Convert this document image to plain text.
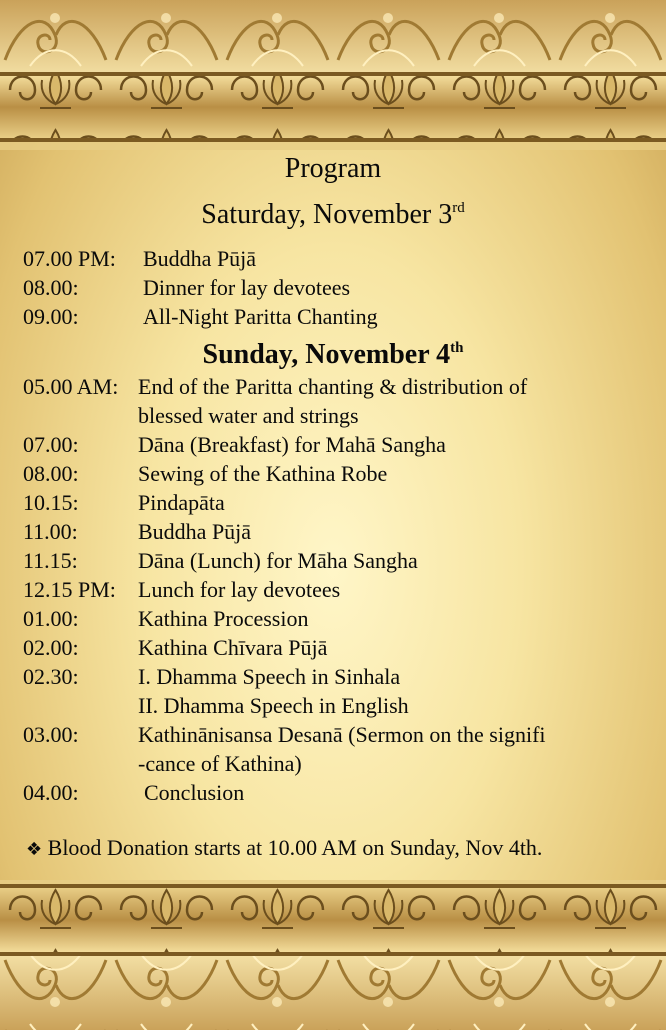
Program
Saturday, November 3rd
07.00 PM: Buddha Pūjā
08.00:	Dinner for lay devotees
09.00:	All-Night Paritta Chanting
Sunday, November 4th
05.00 AM: End of the Paritta chanting & distribution of
blessed water and strings
07.00:	Dāna (Breakfast) for Mahā Sangha
08.00:	Sewing of the Kathina Robe
10.15:	Pindapāta
11.00:	Buddha Pūjā
11.15:	Dāna (Lunch) for Māha Sangha
12.15 PM: Lunch for lay devotees
01.00:	Kathina Procession
02.00:	Kathina Chīvara Pūjā
02.30:	I. Dhamma Speech in Sinhala
II. Dhamma Speech in English
03.00:	Kathinānisansa Desanā (Sermon on the signifi
-cance of Kathina)
04.00:	Conclusion
❖ Blood Donation starts at 10.00 AM on Sunday, Nov 4th.
